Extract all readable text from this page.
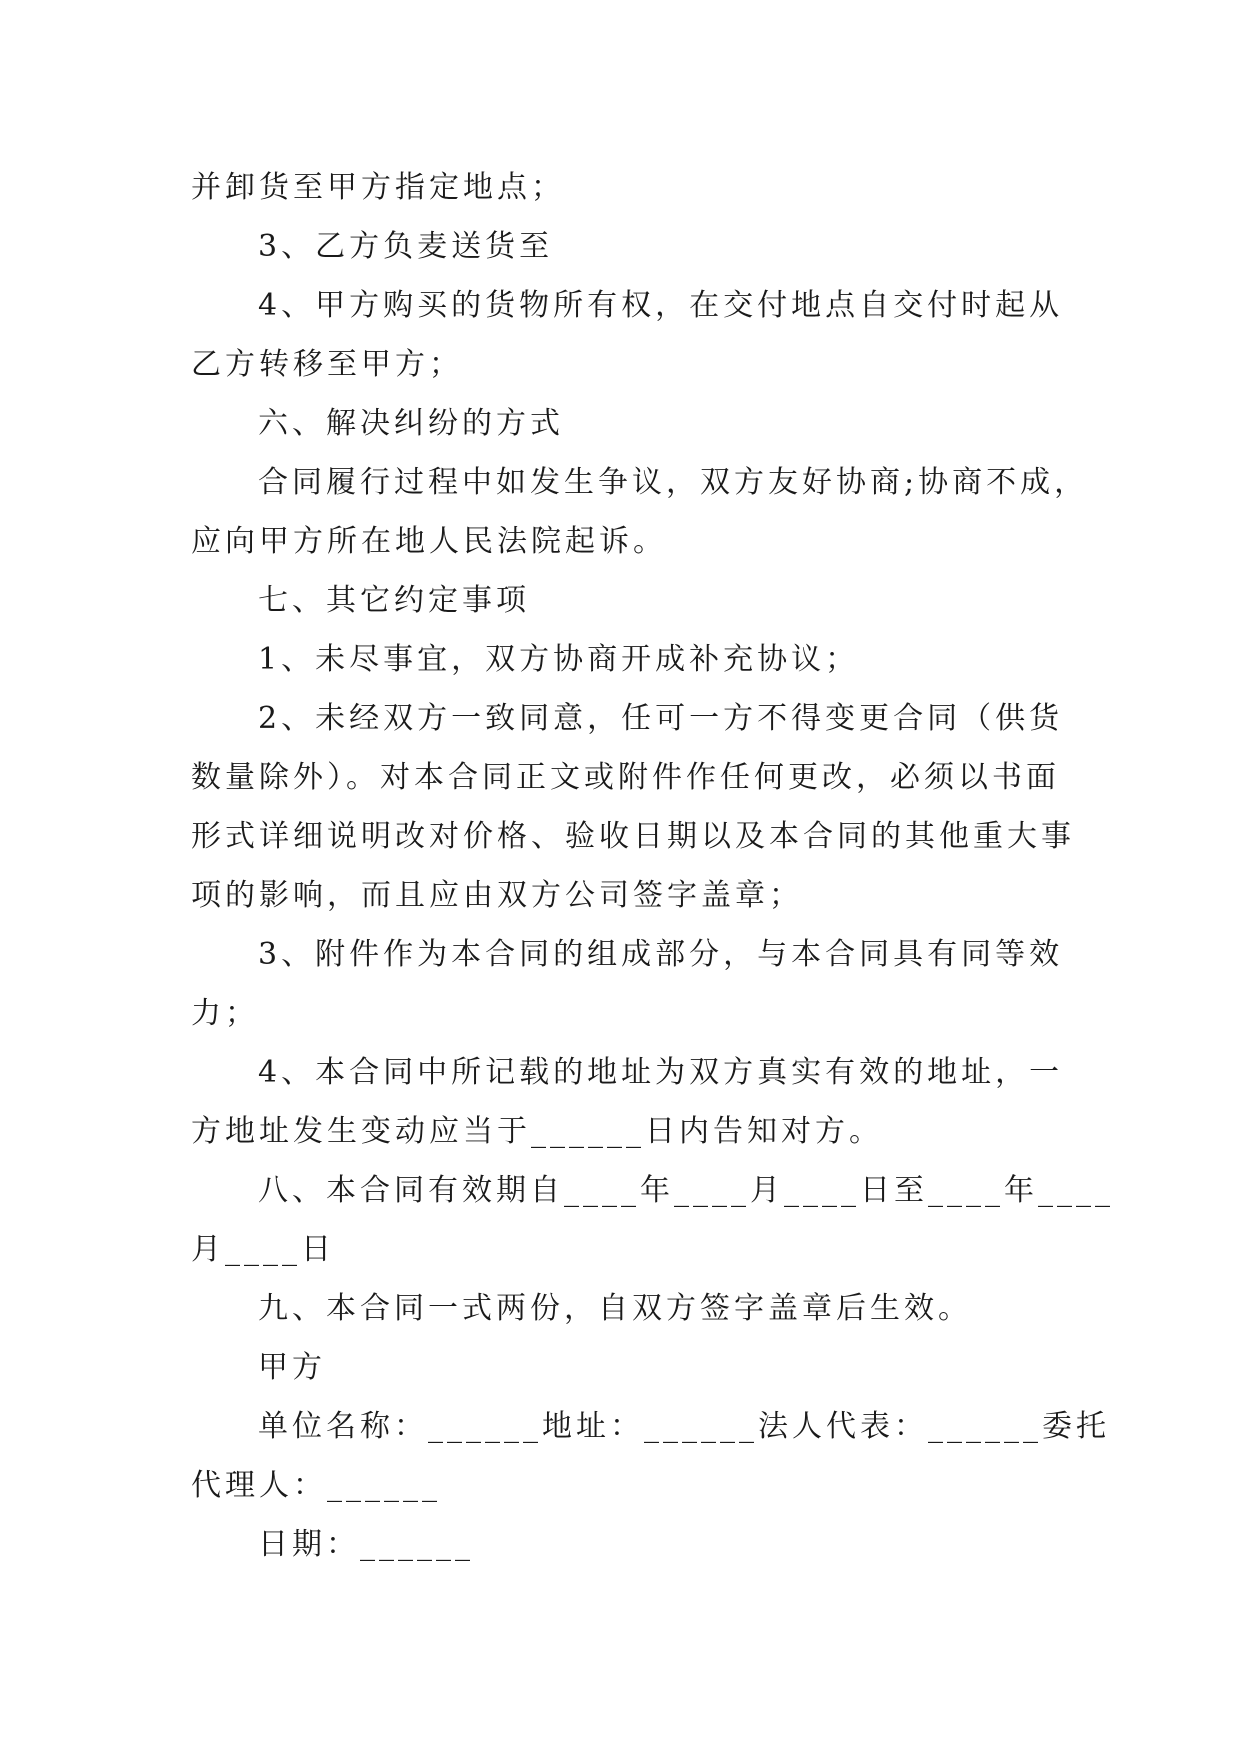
并卸货至甲方指定地点；
3、乙方负麦送货至
4、甲方购买的货物所有权，在交付地点自交付时起从
乙方转移至甲方；
六、解决纠纷的方式
合同履行过程中如发生争议，双方友好协商;协商不成，
应向甲方所在地人民法院起诉。
七、其它约定事项
1、未尽事宜，双方协商开成补充协议；
2、未经双方一致同意，任可一方不得变更合同（供货
数量除外）。对本合同正文或附件作任何更改，必须以书面
形式详细说明改对价格、验收日期以及本合同的其他重大事
项的影响，而且应由双方公司签字盖章；
3、附件作为本合同的组成部分，与本合同具有同等效
力；
4、本合同中所记载的地址为双方真实有效的地址，一
方地址发生变动应当于______日内告知对方。
八、本合同有效期自____年____月____日至____年____
月____日
九、本合同一式两份，自双方签字盖章后生效。
甲方
单位名称：______地址：______法人代表：______委托
代理人：______
日期：______
